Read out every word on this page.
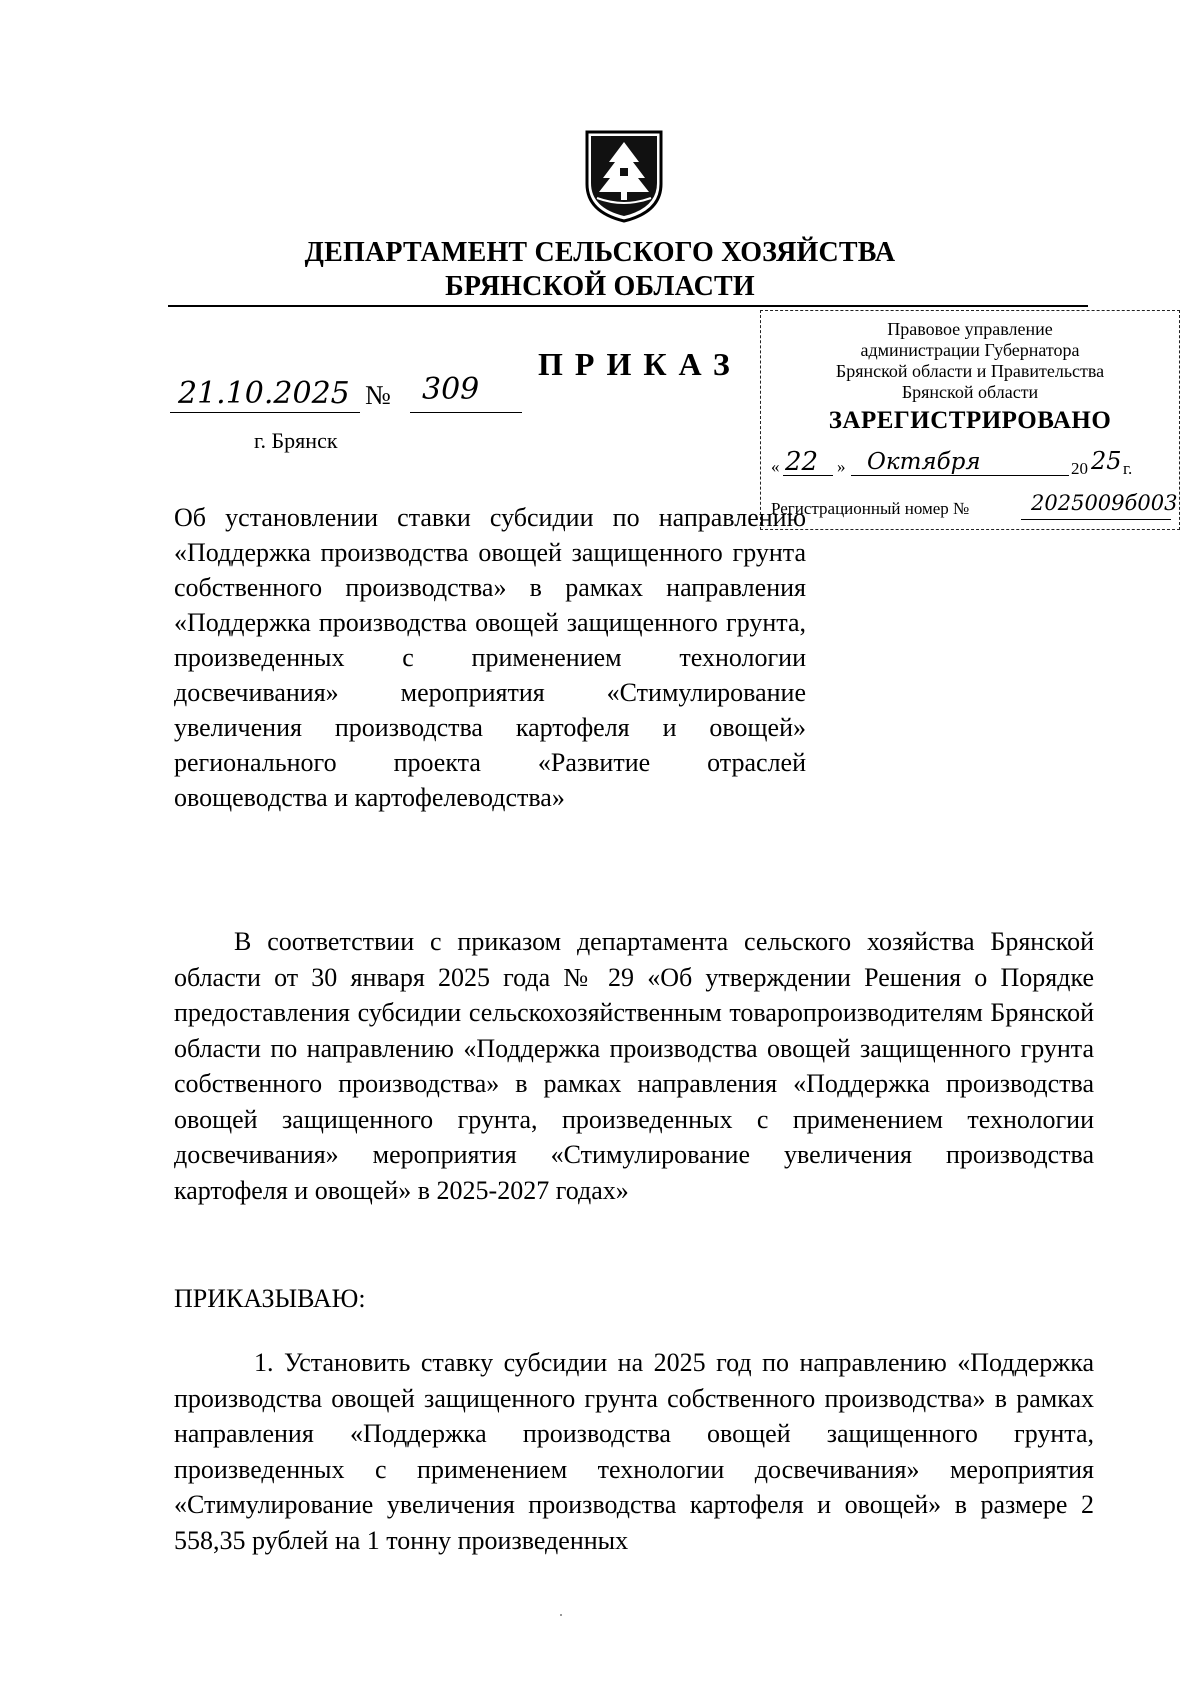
ДЕПАРТАМЕНТ СЕЛЬСКОГО ХОЗЯЙСТВА
БРЯНСКОЙ ОБЛАСТИ
ПРИКАЗ
21.10.2025 № 309
г. Брянск
Правовое управление
администрации Губернатора
Брянской области и Правительства
Брянской области
ЗАРЕГИСТРИРОВАНО
« 22 » Октября	20 25 г.
Регистрационный номер №	2025009б003
Об установлении ставки субсидии по направлению «Поддержка производства овощей защищенного грунта собственного производства» в рамках направления «Поддержка производства овощей защищенного грунта, произведенных с применением технологии досвечивания» мероприятия «Стимулирование увеличения производства картофеля и овощей» регионального проекта «Развитие отраслей овощеводства и картофелеводства»
В соответствии с приказом департамента сельского хозяйства Брянской области от 30 января 2025 года № 29 «Об утверждении Решения о Порядке предоставления субсидии сельскохозяйственным товаропроизводителям Брянской области по направлению «Поддержка производства овощей защищенного грунта собственного производства» в рамках направления «Поддержка производства овощей защищенного грунта, произведенных с применением технологии досвечивания» мероприятия «Стимулирование увеличения производства картофеля и овощей» в 2025-2027 годах»
ПРИКАЗЫВАЮ:
1. Установить ставку субсидии на 2025 год по направлению «Поддержка производства овощей защищенного грунта собственного производства» в рамках направления «Поддержка производства овощей защищенного грунта, произведенных с применением технологии досвечивания» мероприятия «Стимулирование увеличения производства картофеля и овощей» в размере 2 558,35 рублей на 1 тонну произведенных
